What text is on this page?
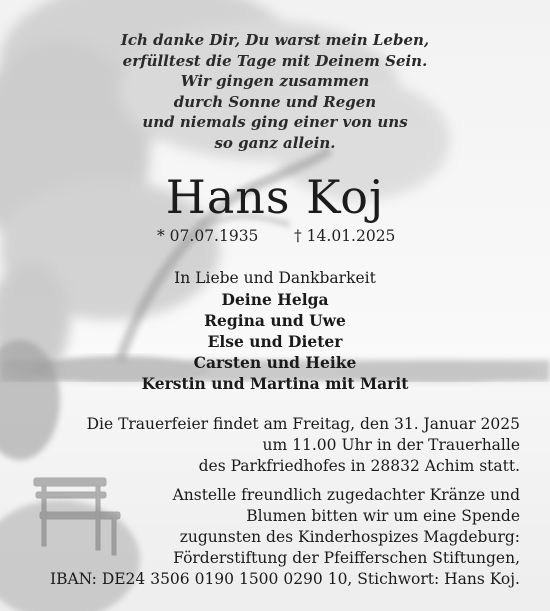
Ich danke Dir, Du warst mein Leben,
erfülltest die Tage mit Deinem Sein.
Wir gingen zusammen
durch Sonne und Regen
und niemals ging einer von uns
so ganz allein.
Hans Koj
* 07.07.1935 † 14.01.2025
In Liebe und Dankbarkeit
Deine Helga
Regina und Uwe
Else und Dieter
Carsten und Heike
Kerstin und Martina mit Marit
Die Trauerfeier findet am Freitag, den 31. Januar 2025
um 11.00 Uhr in der Trauerhalle
des Parkfriedhofes in 28832 Achim statt.
Anstelle freundlich zugedachter Kränze und
Blumen bitten wir um eine Spende
zugunsten des Kinderhospizes Magdeburg:
Förderstiftung der Pfeifferschen Stiftungen,
IBAN: DE24 3506 0190 1500 0290 10, Stichwort: Hans Koj.
